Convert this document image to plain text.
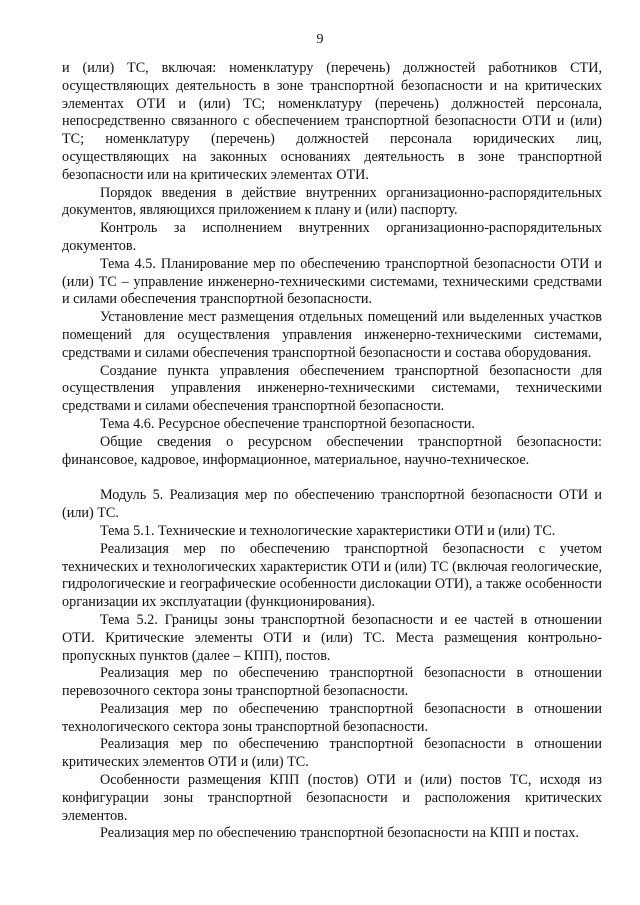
9

и (или) ТС, включая: номенклатуру (перечень) должностей работников СТИ, осуществляющих деятельность в зоне транспортной безопасности и на критических элементах ОТИ и (или) ТС; номенклатуру (перечень) должностей персонала, непосредственно связанного с обеспечением транспортной безопасности ОТИ и (или) ТС; номенклатуру (перечень) должностей персонала юридических лиц, осуществляющих на законных основаниях деятельность в зоне транспортной безопасности или на критических элементах ОТИ.

Порядок введения в действие внутренних организационно-распорядительных документов, являющихся приложением к плану и (или) паспорту.

Контроль за исполнением внутренних организационно-распорядительных документов.

Тема 4.5. Планирование мер по обеспечению транспортной безопасности ОТИ и (или) ТС – управление инженерно-техническими системами, техническими средствами и силами обеспечения транспортной безопасности.

Установление мест размещения отдельных помещений или выделенных участков помещений для осуществления управления инженерно-техническими системами, средствами и силами обеспечения транспортной безопасности и состава оборудования.

Создание пункта управления обеспечением транспортной безопасности для осуществления управления инженерно-техническими системами, техническими средствами и силами обеспечения транспортной безопасности.

Тема 4.6. Ресурсное обеспечение транспортной безопасности.

Общие сведения о ресурсном обеспечении транспортной безопасности: финансовое, кадровое, информационное, материальное, научно-техническое.

Модуль 5. Реализация мер по обеспечению транспортной безопасности ОТИ и (или) ТС.

Тема 5.1. Технические и технологические характеристики ОТИ и (или) ТС.

Реализация мер по обеспечению транспортной безопасности с учетом технических и технологических характеристик ОТИ и (или) ТС (включая геологические, гидрологические и географические особенности дислокации ОТИ), а также особенности организации их эксплуатации (функционирования).

Тема 5.2. Границы зоны транспортной безопасности и ее частей в отношении ОТИ. Критические элементы ОТИ и (или) ТС. Места размещения контрольно-пропускных пунктов (далее – КПП), постов.

Реализация мер по обеспечению транспортной безопасности в отношении перевозочного сектора зоны транспортной безопасности.

Реализация мер по обеспечению транспортной безопасности в отношении технологического сектора зоны транспортной безопасности.

Реализация мер по обеспечению транспортной безопасности в отношении критических элементов ОТИ и (или) ТС.

Особенности размещения КПП (постов) ОТИ и (или) постов ТС, исходя из конфигурации зоны транспортной безопасности и расположения критических элементов.

Реализация мер по обеспечению транспортной безопасности на КПП и постах.
